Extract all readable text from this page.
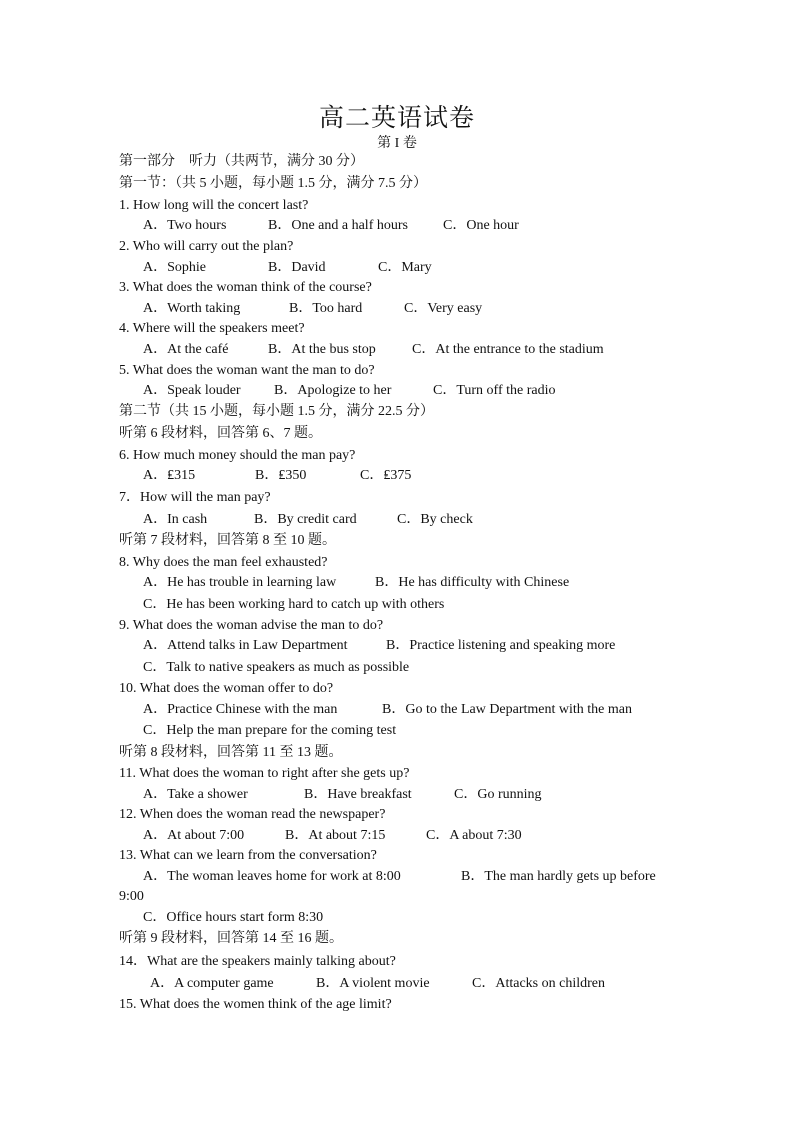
高二英语试卷
第 I 卷
第一部分　听力（共两节，满分 30 分）
第一节：（共 5 小题，每小题 1.5 分，满分 7.5 分）
1. How long will the concert last?
A．Two hours	B．One and a half hours	C．One hour
2. Who will carry out the plan?
A．Sophie	B．David	C．Mary
3. What does the woman think of the course?
A．Worth taking	B．Too hard	C．Very easy
4. Where will the speakers meet?
A．At the café	B．At the bus stop	C．At the entrance to the stadium
5. What does the woman want the man to do?
A．Speak louder B．Apologize to her	C．Turn off the radio
第二节（共 15 小题，每小题 1.5 分，满分 22.5 分）
听第 6 段材料，回答第 6、7 题。
6. How much money should the man pay?
A．₤315	B．₤350	C．₤375
7．How will the man pay?
A．In cash	B．By credit card	C．By check
听第 7 段材料，回答第 8 至 10 题。
8. Why does the man feel exhausted?
A．He has trouble in learning law	B．He has difficulty with Chinese
C．He has been working hard to catch up with others
9. What does the woman advise the man to do?
A．Attend talks in Law Department	B．Practice listening and speaking more
C．Talk to native speakers as much as possible
10. What does the woman offer to do?
A．Practice Chinese with the man	B．Go to the Law Department with the man
C．Help the man prepare for the coming test
听第 8 段材料，回答第 11 至 13 题。
11. What does the woman to right after she gets up?
A．Take a shower	B．Have breakfast	C．Go running
12. When does the woman read the newspaper?
A．At about 7:00	B．At about 7:15	C．A about 7:30
13. What can we learn from the conversation?
A．The woman leaves home for work at 8:00	B．The man hardly gets up before
9:00
C．Office hours start form 8:30
听第 9 段材料，回答第 14 至 16 题。
14．What are the speakers mainly talking about?
A．A computer game	B．A violent movie	C．Attacks on children
15. What does the women think of the age limit?
